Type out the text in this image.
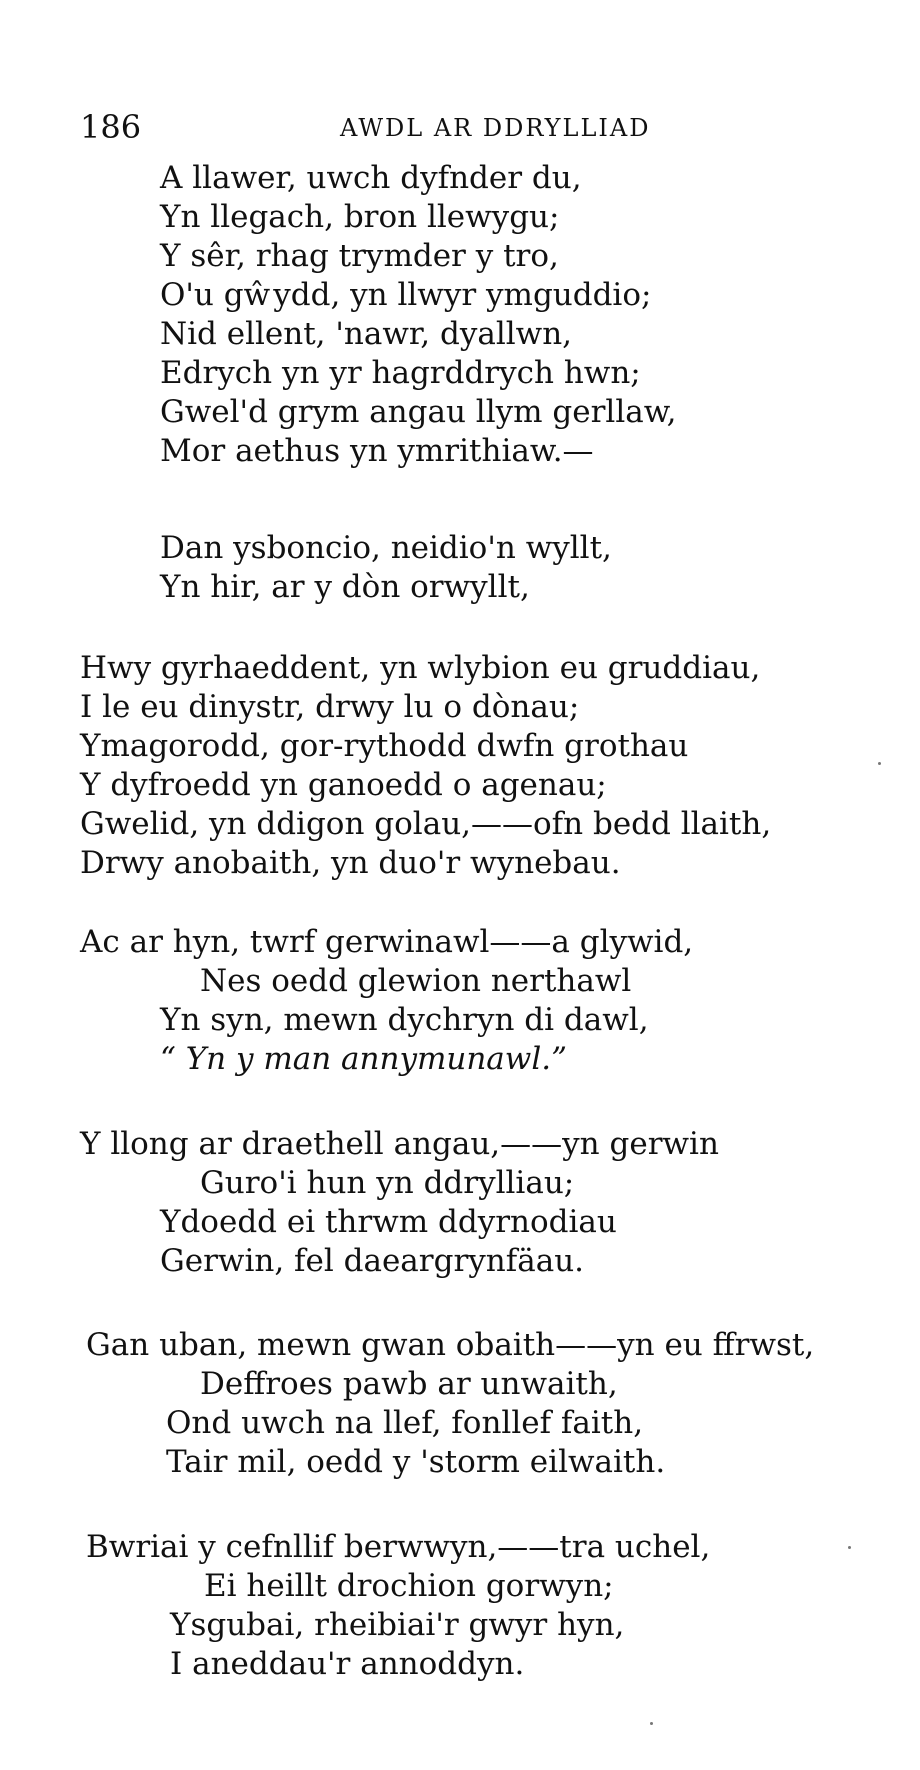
186	AWDL AR DDRYLLIAD
A llawer, uwch dyfnder du,
Yn llegach, bron llewygu;
Y sêr, rhag trymder y tro,
O'u gŵydd, yn llwyr ymguddio;
Nid ellent, 'nawr, dyallwn,
Edrych yn yr hagrddrych hwn;
Gwel'd grym angau llym gerllaw,
Mor aethus yn ymrithiaw.—
Dan ysboncio, neidio'n wyllt,
Yn hir, ar y dòn orwyllt,
Hwy gyrhaeddent, yn wlybion eu gruddiau,
I le eu dinystr, drwy lu o dònau;
Ymagorodd, gor-rythodd dwfn grothau
Y dyfroedd yn ganoedd o agenau;
Gwelid, yn ddigon golau,——ofn bedd llaith,
Drwy anobaith, yn duo'r wynebau.
Ac ar hyn, twrf gerwinawl——a glywid,
Nes oedd glewion nerthawl
Yn syn, mewn dychryn di dawl,
“ Yn y man annymunawl.”
Y llong ar draethell angau,——yn gerwin
Guro'i hun yn ddrylliau;
Ydoedd ei thrwm ddyrnodiau
Gerwin, fel daeargrynfäau.
Gan uban, mewn gwan obaith——yn eu ffrwst,
Deffroes pawb ar unwaith,
Ond uwch na llef, fonllef faith,
Tair mil, oedd y 'storm eilwaith.
Bwriai y cefnllif berwwyn,——tra uchel,
Ei heillt drochion gorwyn;
Ysgubai, rheibiai'r gwyr hyn,
I aneddau'r annoddyn.
